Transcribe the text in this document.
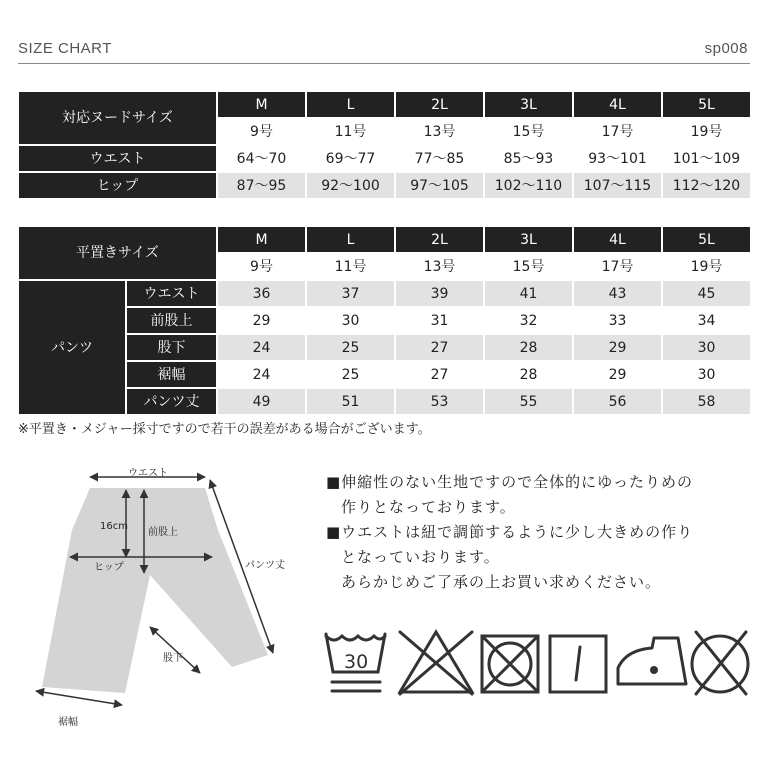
SIZE CHART	sp008
対応ヌードサイズ	M	L	2L	3L	4L	5L
	9号	11号	13号	15号	17号	19号
ウエスト	64～70	69～77	77～85	85～93	93～101	101～109
ヒップ	87～95	92～100	97～105	102～110	107～115	112～120
平置きサイズ		M	L	2L	3L	4L	5L
		9号	11号	13号	15号	17号	19号
パンツ	ウエスト	36	37	39	41	43	45
	前股上	29	30	31	32	33	34
	股下	24	25	27	28	29	30
	裾幅	24	25	27	28	29	30
	パンツ丈	49	51	53	55	56	58
※平置き・メジャー採寸ですので若干の誤差がある場合がございます。
ウエスト
16cm
前股上
ヒップ	パンツ丈
股下
裾幅
■伸縮性のない生地ですので全体的にゆったりめの
作りとなっております。
■ウエストは紐で調節するように少し大きめの作り
となっていおります。
あらかじめご了承の上お買い求めください。
30
